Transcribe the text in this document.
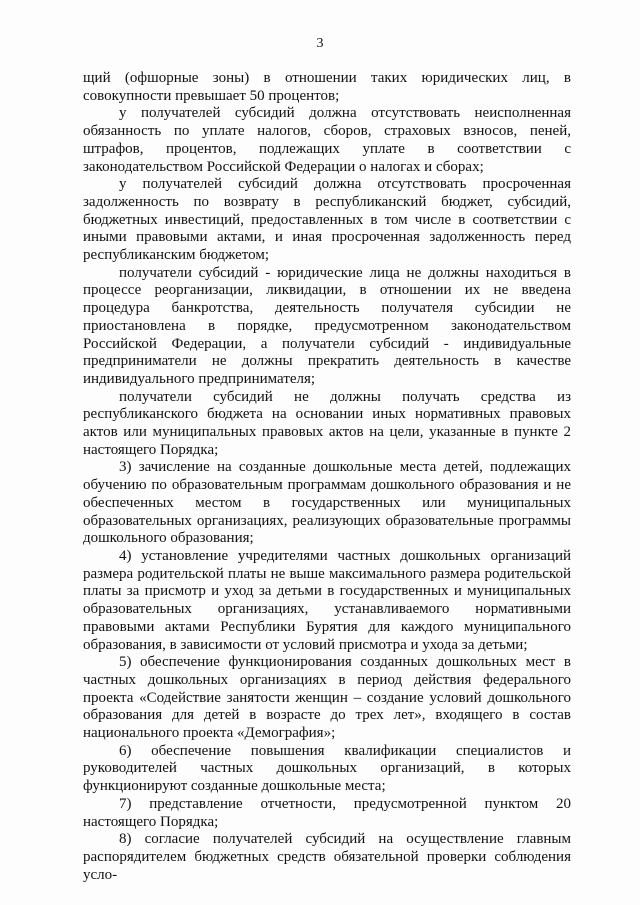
3

щий (офшорные зоны) в отношении таких юридических лиц, в совокупности превышает 50 процентов;

у получателей субсидий должна отсутствовать неисполненная обязанность по уплате налогов, сборов, страховых взносов, пеней, штрафов, процентов, подлежащих уплате в соответствии с законодательством Российской Федерации о налогах и сборах;

у получателей субсидий должна отсутствовать просроченная задолженность по возврату в республиканский бюджет, субсидий, бюджетных инвестиций, предоставленных в том числе в соответствии с иными правовыми актами, и иная просроченная задолженность перед республиканским бюджетом;

получатели субсидий - юридические лица не должны находиться в процессе реорганизации, ликвидации, в отношении их не введена процедура банкротства, деятельность получателя субсидии не приостановлена в порядке, предусмотренном законодательством Российской Федерации, а получатели субсидий - индивидуальные предприниматели не должны прекратить деятельность в качестве индивидуального предпринимателя;

получатели субсидий не должны получать средства из республиканского бюджета на основании иных нормативных правовых актов или муниципальных правовых актов на цели, указанные в пункте 2 настоящего Порядка;

3) зачисление на созданные дошкольные места детей, подлежащих обучению по образовательным программам дошкольного образования и не обеспеченных местом в государственных или муниципальных образовательных организациях, реализующих образовательные программы дошкольного образования;

4) установление учредителями частных дошкольных организаций размера родительской платы не выше максимального размера родительской платы за присмотр и уход за детьми в государственных и муниципальных образовательных организациях, устанавливаемого нормативными правовыми актами Республики Бурятия для каждого муниципального образования, в зависимости от условий присмотра и ухода за детьми;

5) обеспечение функционирования созданных дошкольных мест в частных дошкольных организациях в период действия федерального проекта «Содействие занятости женщин – создание условий дошкольного образования для детей в возрасте до трех лет», входящего в состав национального проекта «Демография»;

6) обеспечение повышения квалификации специалистов и руководителей частных дошкольных организаций, в которых функционируют созданные дошкольные места;

7) представление отчетности, предусмотренной пунктом 20 настоящего Порядка;

8) согласие получателей субсидий на осуществление главным распорядителем бюджетных средств обязательной проверки соблюдения усло-
